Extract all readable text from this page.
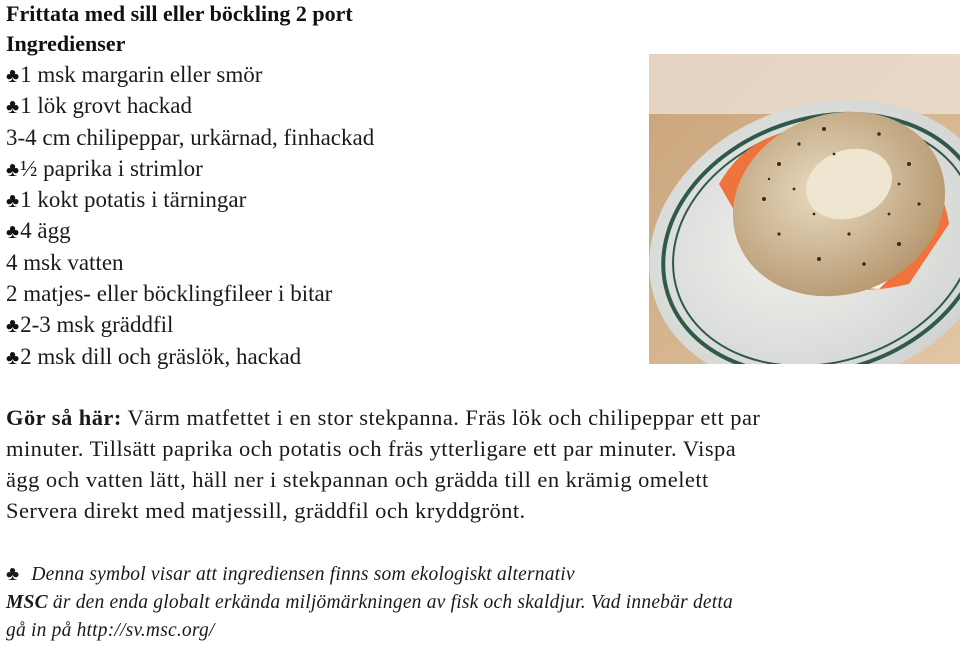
Frittata med sill eller böckling 2 port
Ingredienser
♣1 msk margarin eller smör
♣1 lök grovt hackad
3-4 cm chilipeppar, urkärnad, finhackad
♣½ paprika i strimlor
♣1 kokt potatis i tärningar
♣4 ägg
4 msk vatten
2 matjes- eller böcklingfileer i bitar
♣2-3 msk gräddfil
♣2 msk dill och gräslök, hackad

Gör så här: Värm matfettet i en stor stekpanna. Fräs lök och chilipeppar ett par
minuter. Tillsätt paprika och potatis och fräs ytterligare ett par minuter. Vispa
ägg och vatten lätt, häll ner i stekpannan och grädda till en krämig omelett
Servera direkt med matjessill, gräddfil och kryddgrönt.

♣ Denna symbol visar att ingrediensen finns som ekologiskt alternativ
MSC är den enda globalt erkända miljömärkningen av fisk och skaldjur. Vad innebär detta
gå in på http://sv.msc.org/
